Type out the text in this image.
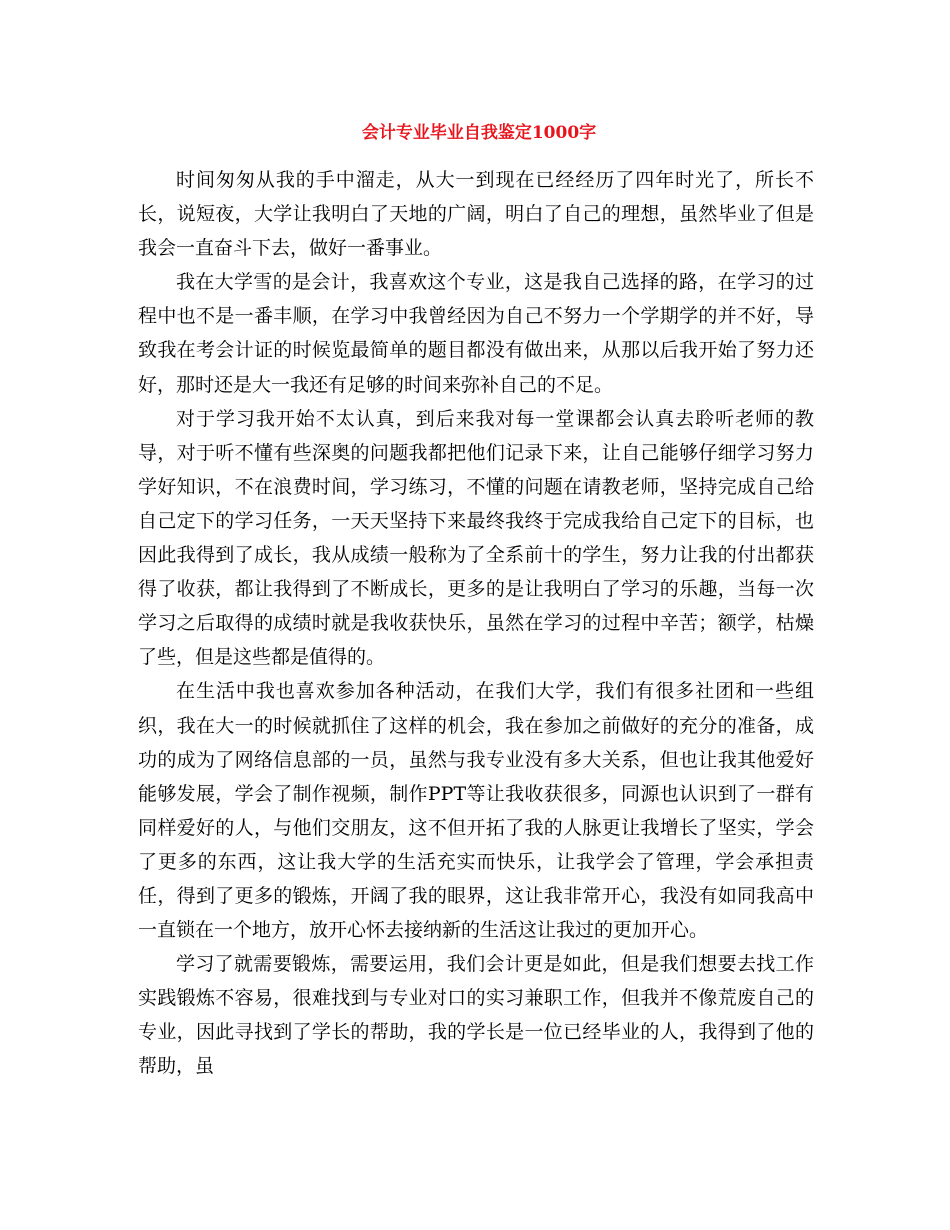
会计专业毕业自我鉴定1000字

时间匆匆从我的手中溜走，从大一到现在已经经历了四年时光了，所长不长，说短夜，大学让我明白了天地的广阔，明白了自己的理想，虽然毕业了但是我会一直奋斗下去，做好一番事业。

我在大学雪的是会计，我喜欢这个专业，这是我自己选择的路，在学习的过程中也不是一番丰顺，在学习中我曾经因为自己不努力一个学期学的并不好，导致我在考会计证的时候览最简单的题目都没有做出来，从那以后我开始了努力还好，那时还是大一我还有足够的时间来弥补自己的不足。

对于学习我开始不太认真，到后来我对每一堂课都会认真去聆听老师的教导，对于听不懂有些深奥的问题我都把他们记录下来，让自己能够仔细学习努力学好知识，不在浪费时间，学习练习，不懂的问题在请教老师，坚持完成自己给自己定下的学习任务，一天天坚持下来最终我终于完成我给自己定下的目标，也因此我得到了成长，我从成绩一般称为了全系前十的学生，努力让我的付出都获得了收获，都让我得到了不断成长，更多的是让我明白了学习的乐趣，当每一次学习之后取得的成绩时就是我收获快乐，虽然在学习的过程中辛苦；额学，枯燥了些，但是这些都是值得的。

在生活中我也喜欢参加各种活动，在我们大学，我们有很多社团和一些组织，我在大一的时候就抓住了这样的机会，我在参加之前做好的充分的准备，成功的成为了网络信息部的一员，虽然与我专业没有多大关系，但也让我其他爱好能够发展，学会了制作视频，制作PPT等让我收获很多，同源也认识到了一群有同样爱好的人，与他们交朋友，这不但开拓了我的人脉更让我增长了坚实，学会了更多的东西，这让我大学的生活充实而快乐，让我学会了管理，学会承担责任，得到了更多的锻炼，开阔了我的眼界，这让我非常开心，我没有如同我高中一直锁在一个地方，放开心怀去接纳新的生活这让我过的更加开心。

学习了就需要锻炼，需要运用，我们会计更是如此，但是我们想要去找工作实践锻炼不容易，很难找到与专业对口的实习兼职工作，但我并不像荒废自己的专业，因此寻找到了学长的帮助，我的学长是一位已经毕业的人，我得到了他的帮助，虽
